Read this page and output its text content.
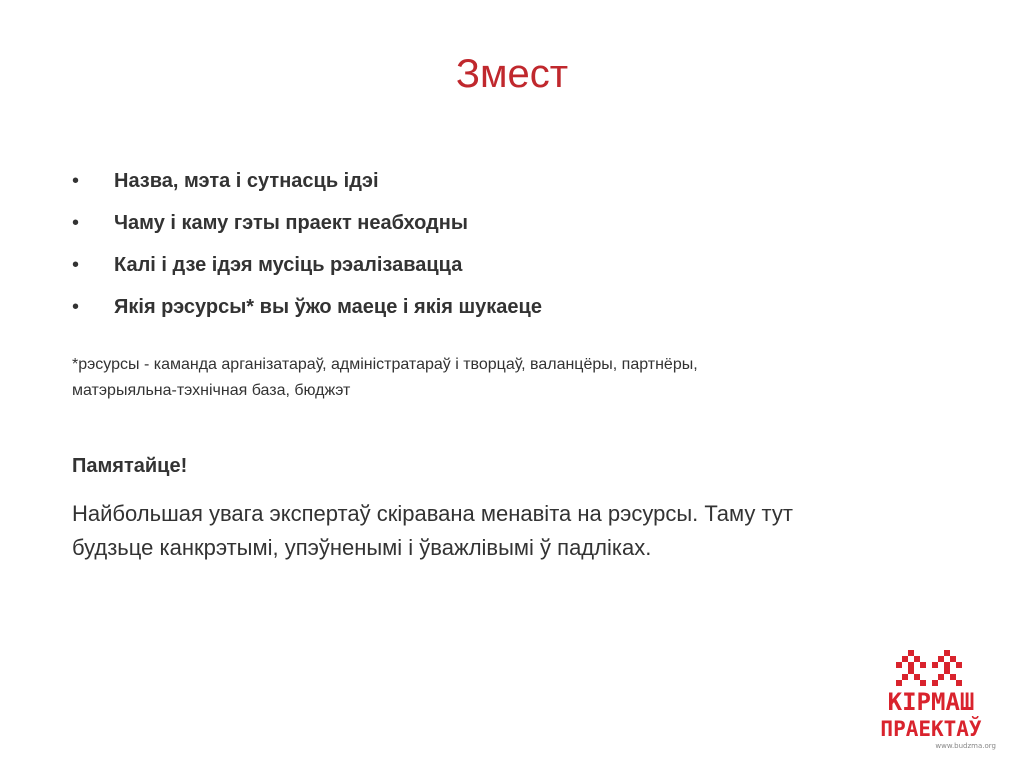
Змест
• Назва, мэта і сутнасць ідэі
• Чаму і каму гэты праект неабходны
• Калі і дзе ідэя мусіць рэалізавацца
• Якія рэсурсы* вы ўжо маеце і якія шукаеце
*рэсурсы - каманда арганізатараў, адміністратараў і творцаў, валанцёры, партнёры,
матэрыяльна-тэхнічная база, бюджэт
Памятайце!
Найбольшая увага экспертаў скіравана менавіта на рэсурсы. Таму тут
будзьце канкрэтымі, упэўненымі і ўважлівымі ў падліках.
КІРМАШ
ПРАЕКТАЎ
www.budzma.org
